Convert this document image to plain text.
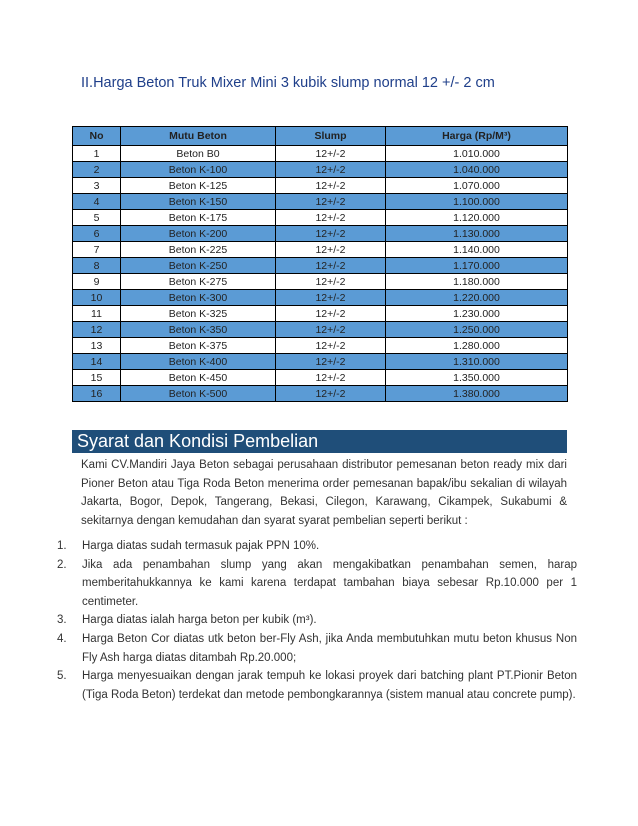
II.Harga Beton Truk Mixer Mini 3 kubik slump normal 12 +/- 2 cm
No	Mutu Beton	Slump	Harga (Rp/M³)
1	Beton B0	12+/-2	1.010.000
2	Beton K-100	12+/-2	1.040.000
3	Beton K-125	12+/-2	1.070.000
4	Beton K-150	12+/-2	1.100.000
5	Beton K-175	12+/-2	1.120.000
6	Beton K-200	12+/-2	1.130.000
7	Beton K-225	12+/-2	1.140.000
8	Beton K-250	12+/-2	1.170.000
9	Beton K-275	12+/-2	1.180.000
10	Beton K-300	12+/-2	1.220.000
11	Beton K-325	12+/-2	1.230.000
12	Beton K-350	12+/-2	1.250.000
13	Beton K-375	12+/-2	1.280.000
14	Beton K-400	12+/-2	1.310.000
15	Beton K-450	12+/-2	1.350.000
16	Beton K-500	12+/-2	1.380.000
Syarat dan Kondisi Pembelian
Kami CV.Mandiri Jaya Beton sebagai perusahaan distributor pemesanan beton ready mix dari Pioner Beton atau Tiga Roda Beton menerima order pemesanan bapak/ibu sekalian di wilayah Jakarta, Bogor, Depok, Tangerang, Bekasi, Cilegon, Karawang, Cikampek, Sukabumi & sekitarnya dengan kemudahan dan syarat syarat pembelian seperti berikut :
1. Harga diatas sudah termasuk pajak PPN 10%.
2. Jika ada penambahan slump yang akan mengakibatkan penambahan semen, harap memberitahukkannya ke kami karena terdapat tambahan biaya sebesar Rp.10.000 per 1 centimeter.
3. Harga diatas ialah harga beton per kubik (m³).
4. Harga Beton Cor diatas utk beton ber-Fly Ash, jika Anda membutuhkan mutu beton khusus Non Fly Ash harga diatas ditambah Rp.20.000;
5. Harga menyesuaikan dengan jarak tempuh ke lokasi proyek dari batching plant PT.Pionir Beton (Tiga Roda Beton) terdekat dan metode pembongkarannya (sistem manual atau concrete pump).
